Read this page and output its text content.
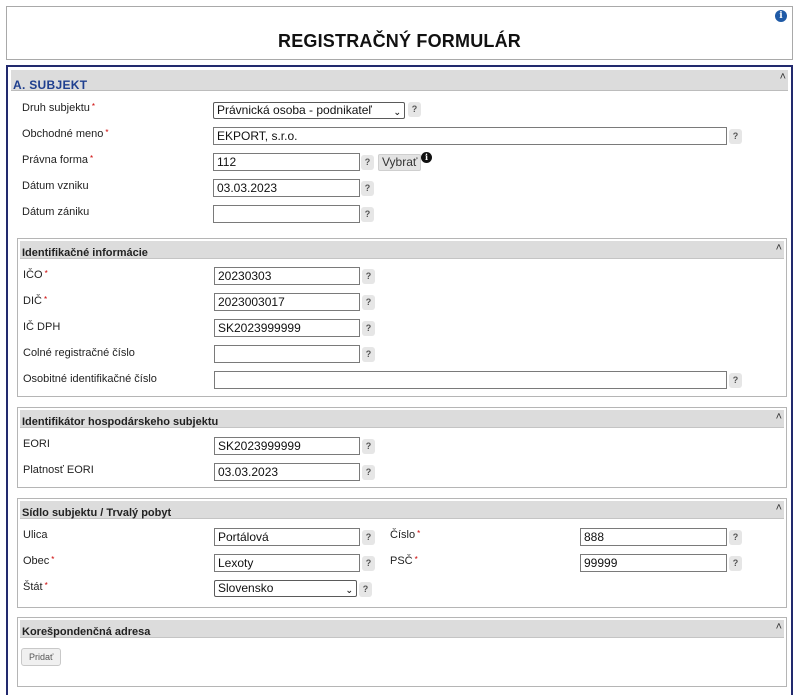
i
REGISTRAČNÝ FORMULÁR
A. SUBJEKT
˄
Druh subjektu *	Právnická osoba - podnikateľ ⌄	?
Obchodné meno *	EKPORT, s.r.o.	?
Právna forma *	112	? Vybrať i
Dátum vzniku	03.03.2023	?
Dátum zániku	?
Identifikačné informácie	˄
IČO *	20230303	?
DIČ *	2023003017	?
IČ DPH	SK2023999999	?
Colné registračné číslo	?
Osobitné identifikačné číslo	?
Identifikátor hospodárskeho subjektu	˄
EORI	SK2023999999	?
Platnosť EORI	03.03.2023	?
Sídlo subjektu / Trvalý pobyt	˄
Ulica	Portálová	?	Číslo *	888	?
Obec *	Lexoty	?	PSČ *	99999	?
Štát *	Slovensko	⌄	?
Korešpondenčná adresa	˄
Pridať
